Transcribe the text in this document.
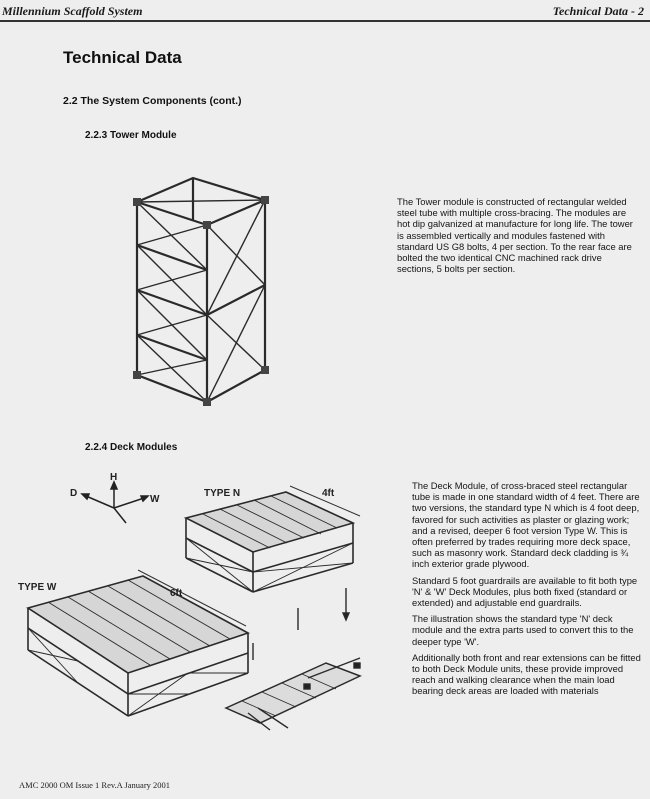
Millennium Scaffold System	Technical Data - 2
Technical Data
2.2 The System Components (cont.)
2.2.3 Tower Module
The Tower module is constructed of rectangular welded steel tube with multiple cross-bracing. The modules are hot dip galvanized at manufacture for long life. The tower is assembled vertically and modules fastened with standard US G8 bolts, 4 per section. To the rear face are bolted the two identical CNC machined rack drive sections, 5 bolts per section.
2.2.4 Deck Modules
H
D
W
TYPE N	4ft
TYPE W
6ft

The Deck Module, of cross-braced steel rectangular tube is made in one standard width of 4 feet. There are two versions, the standard type N which is 4 foot deep, favored for such activities as plaster or glazing work; and a revised, deeper 6 foot version Type W. This is often preferred by trades requiring more deck space, such as masonry work. Standard deck cladding is ¾ inch exterior grade plywood.

Standard 5 foot guardrails are available to fit both type 'N' & 'W' Deck Modules, plus both fixed (standard or extended) and adjustable end guardrails.

The illustration shows the standard type 'N' deck module and the extra parts used to convert this to the deeper type 'W'.

Additionally both front and rear extensions can be fitted to both Deck Module units, these provide improved reach and walking clearance when the main load bearing deck areas are loaded with materials

AMC 2000 OM Issue 1 Rev.A January 2001
